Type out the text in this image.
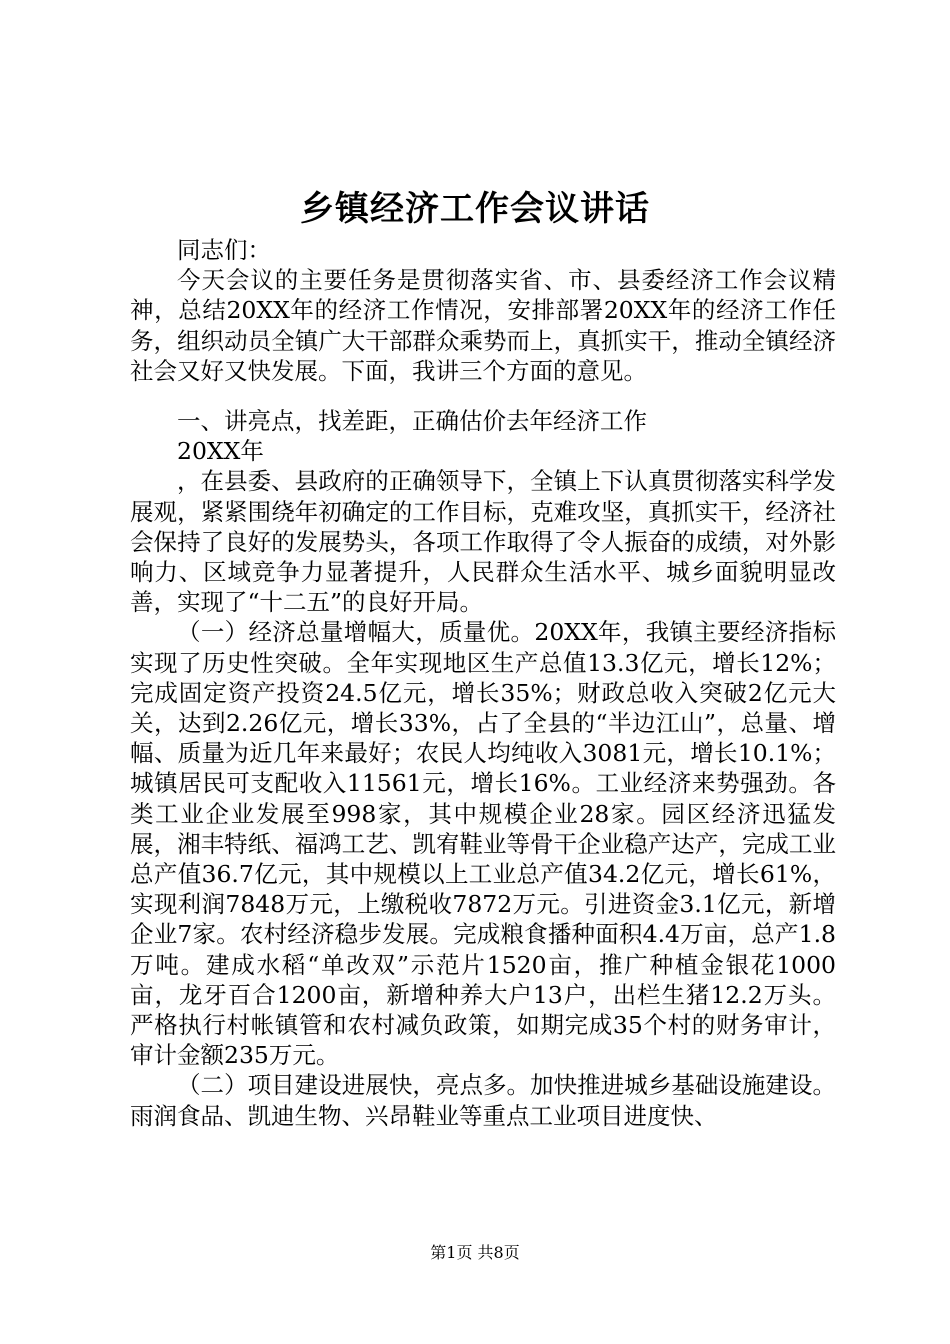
乡镇经济工作会议讲话

同志们：

今天会议的主要任务是贯彻落实省、市、县委经济工作会议精神，总结20XX年的经济工作情况，安排部署20XX年的经济工作任务，组织动员全镇广大干部群众乘势而上，真抓实干，推动全镇经济社会又好又快发展。下面，我讲三个方面的意见。

一、讲亮点，找差距，正确估价去年经济工作

20XX年

，在县委、县政府的正确领导下，全镇上下认真贯彻落实科学发展观，紧紧围绕年初确定的工作目标，克难攻坚，真抓实干，经济社会保持了良好的发展势头，各项工作取得了令人振奋的成绩，对外影响力、区域竞争力显著提升，人民群众生活水平、城乡面貌明显改善，实现了“十二五”的良好开局。

（一）经济总量增幅大，质量优。20XX年，我镇主要经济指标实现了历史性突破。全年实现地区生产总值13.3亿元，增长12%；完成固定资产投资24.5亿元，增长35%；财政总收入突破2亿元大关，达到2.26亿元，增长33%，占了全县的“半边江山”，总量、增幅、质量为近几年来最好；农民人均纯收入3081元，增长10.1%；城镇居民可支配收入11561元，增长16%。工业经济来势强劲。各类工业企业发展至998家，其中规模企业28家。园区经济迅猛发展，湘丰特纸、福鸿工艺、凯宥鞋业等骨干企业稳产达产，完成工业总产值36.7亿元，其中规模以上工业总产值34.2亿元，增长61%，实现利润7848万元，上缴税收7872万元。引进资金3.1亿元，新增企业7家。农村经济稳步发展。完成粮食播种面积4.4万亩，总产1.8万吨。建成水稻“单改双”示范片1520亩，推广种植金银花1000亩，龙牙百合1200亩，新增种养大户13户，出栏生猪12.2万头。严格执行村帐镇管和农村减负政策，如期完成35个村的财务审计，审计金额235万元。

（二）项目建设进展快，亮点多。加快推进城乡基础设施建设。雨润食品、凯迪生物、兴昂鞋业等重点工业项目进度快、

第1页 共8页
